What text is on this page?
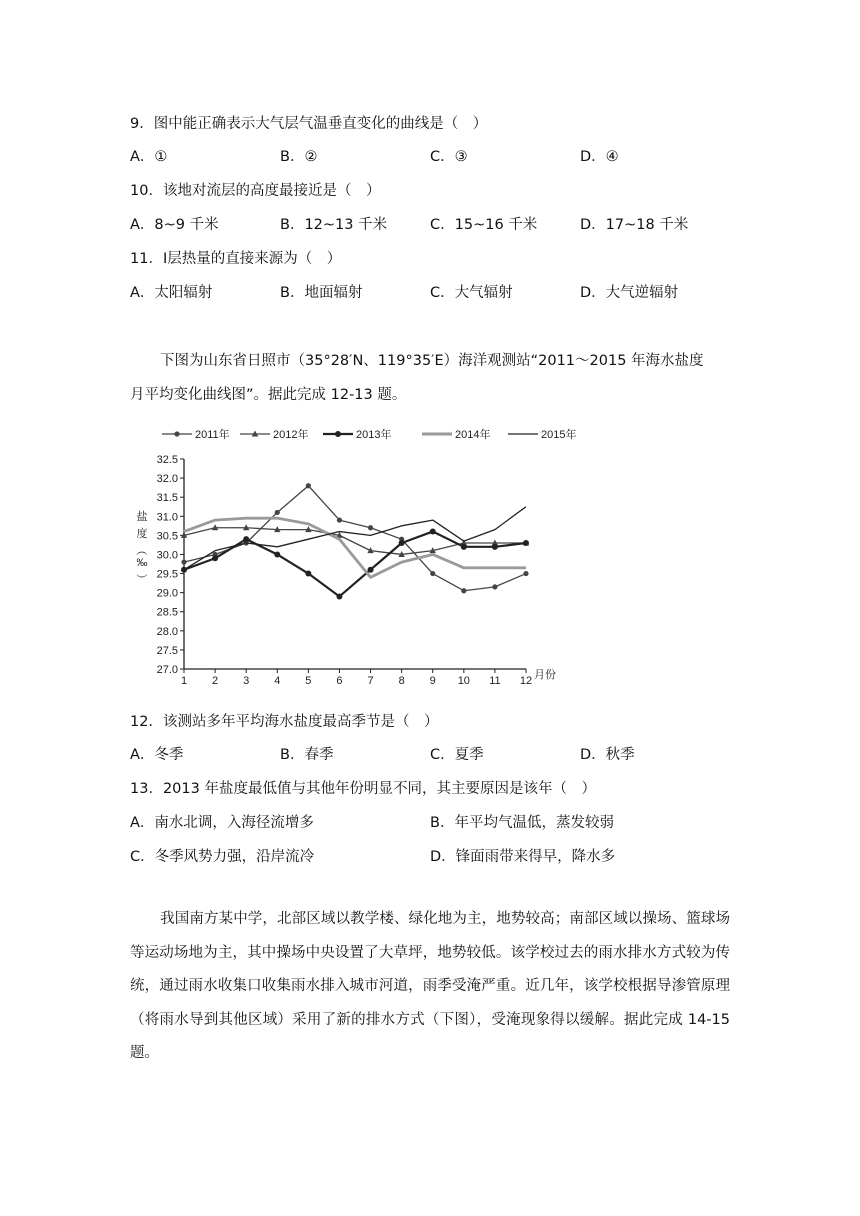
9．图中能正确表示大气层气温垂直变化的曲线是（　）
A．①	B．②	C．③	D．④
10．该地对流层的高度最接近是（　）
A．8~9 千米	B．12~13 千米	C．15~16 千米	D．17~18 千米
11．Ⅰ层热量的直接来源为（　）
A．太阳辐射	B．地面辐射	C．大气辐射	D．大气逆辐射
下图为山东省日照市（35°28′N、119°35′E）海洋观测站“2011～2015 年海水盐度
月平均变化曲线图”。据此完成 12-13 题。
27.0
27.5
28.0
28.5
29.0
29.5
30.0
30.5
31.0
31.5
32.0
32.5
1 2 3 4 5 6 7 8 9 10 11 12 月份
盐
度
（
‰
）
2011年	2012年	2013年	2014年	2015年
12．该测站多年平均海水盐度最高季节是（　）
A．冬季	B．春季	C．夏季	D．秋季
13．2013 年盐度最低值与其他年份明显不同，其主要原因是该年（　）
A．南水北调，入海径流增多	B．年平均气温低，蒸发较弱
C．冬季风势力强，沿岸流冷	D．锋面雨带来得早，降水多
我国南方某中学，北部区域以教学楼、绿化地为主，地势较高；南部区域以操场、篮球场等运动场地为主，其中操场中央设置了大草坪，地势较低。该学校过去的雨水排水方式较为传统，通过雨水收集口收集雨水排入城市河道，雨季受淹严重。近几年，该学校根据导渗管原理（将雨水导到其他区域）采用了新的排水方式（下图），受淹现象得以缓解。据此完成 14-15 题。
